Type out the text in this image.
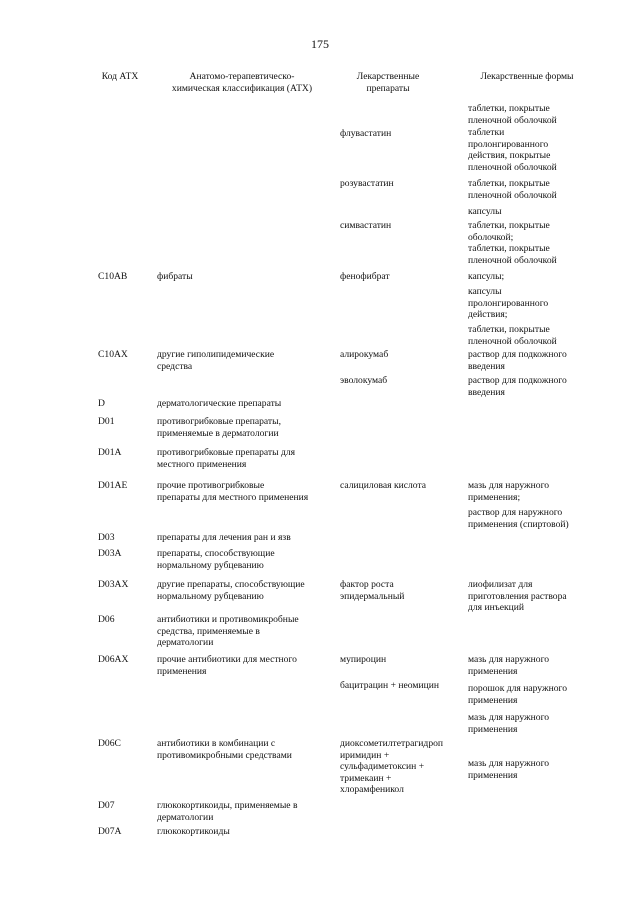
175
Код АТХ	Анатомо-терапевтическо-
химическая классификация (АТХ)
Лекарственные
препараты
Лекарственные формы
C10AB
C10AX
D
D01
D01A
D01AE
D03
D03A
D03AX
D06
D06AX
D06C
D07
D07A
фибраты
другие гиполипидемические
средства
дерматологические препараты
противогрибковые препараты,
применяемые в дерматологии
противогрибковые препараты для
местного применения
прочие противогрибковые
препараты для местного применения
препараты для лечения ран и язв
препараты, способствующие
нормальному рубцеванию
другие препараты, способствующие
нормальному рубцеванию
антибиотики и противомикробные
средства, применяемые в
дерматологии
прочие антибиотики для местного
применения
антибиотики в комбинации с
противомикробными средствами
глюкокортикоиды, применяемые в
дерматологии
глюкокортикоиды
флувастатин
розувастатин
симвастатин
фенофибрат
алирокумаб
эволокумаб
салициловая кислота
фактор роста
эпидермальный
мупироцин
бацитрацин + неомицин
диоксометилтетрагидроп
иримидин +
сульфадиметоксин +
тримекаин +
хлорамфеникол
таблетки, покрытые
пленочной оболочкой
таблетки
пролонгированного
действия, покрытые
пленочной оболочкой
таблетки, покрытые
пленочной оболочкой
капсулы
таблетки, покрытые
оболочкой;
таблетки, покрытые
пленочной оболочкой
капсулы;
капсулы
пролонгированного
действия;
таблетки, покрытые
пленочной оболочкой
раствор для подкожного
введения
раствор для подкожного
введения
мазь для наружного
применения;
раствор для наружного
применения (спиртовой)
лиофилизат для
приготовления раствора
для инъекций
мазь для наружного
применения
порошок для наружного
применения
мазь для наружного
применения
мазь для наружного
применения
